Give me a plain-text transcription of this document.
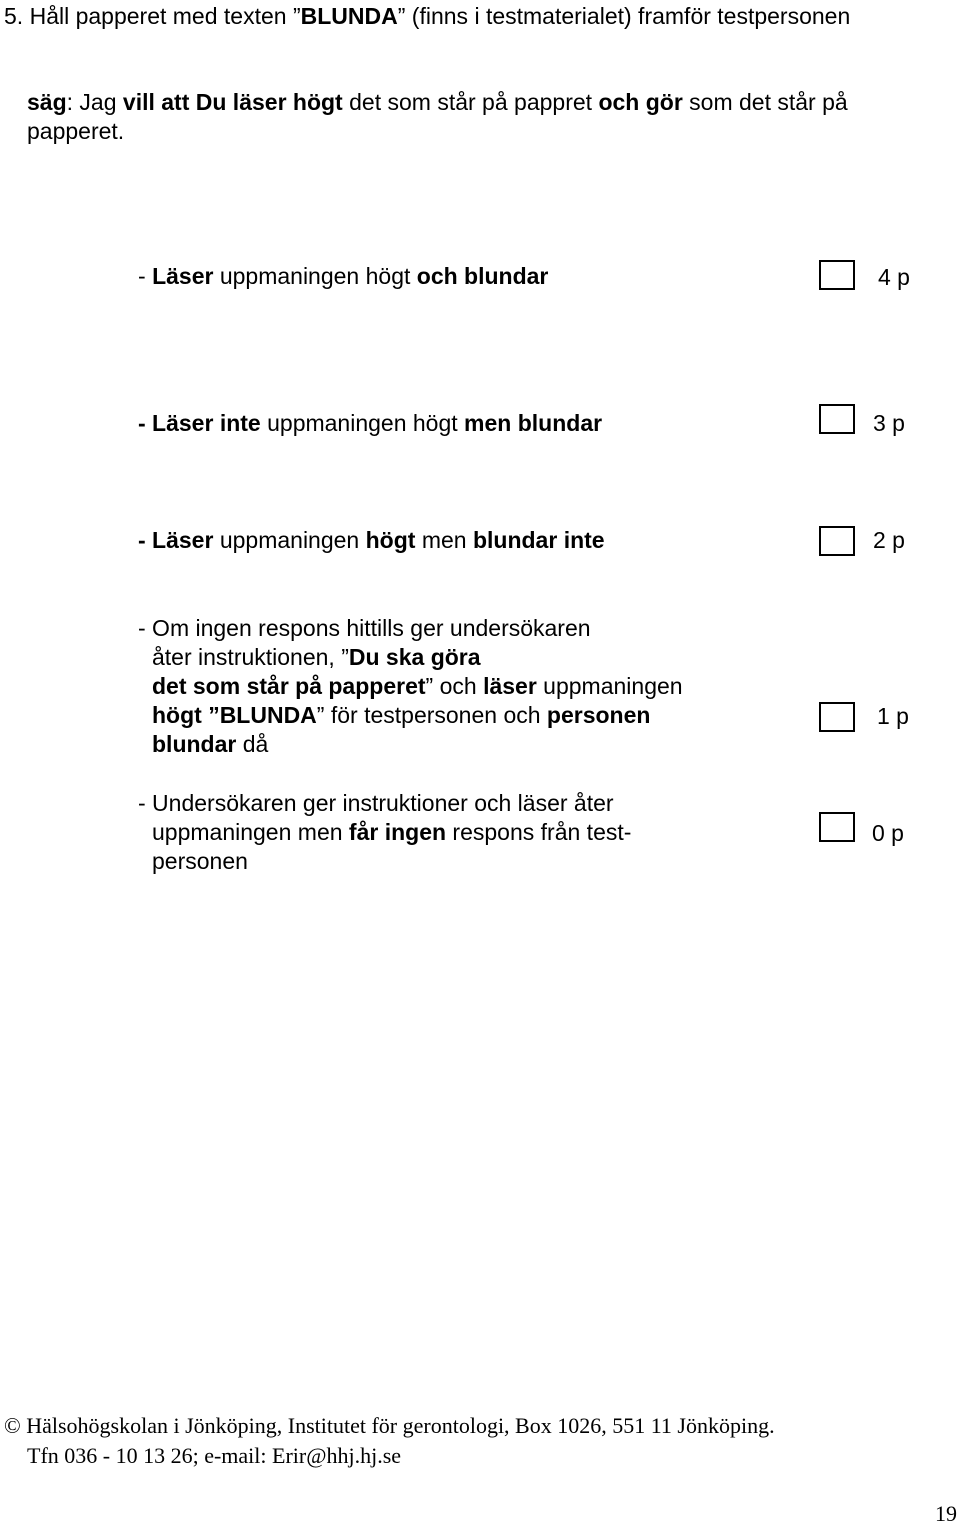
5. Håll papperet med texten ”BLUNDA” (finns i testmaterialet) framför testpersonen
säg: Jag vill att Du läser högt det som står på pappret och gör som det står på
papperet.
- Läser uppmaningen högt och blundar	4 p
- Läser inte uppmaningen högt men blundar	3 p
- Läser uppmaningen högt men blundar inte	2 p
- Om ingen respons hittills ger undersökaren
åter instruktionen, ”Du ska göra
det som står på papperet” och läser uppmaningen
högt ”BLUNDA” för testpersonen och personen
blundar då
1 p
- Undersökaren ger instruktioner och läser åter
uppmaningen men får ingen respons från test-
personen
0 p
© Hälsohögskolan i Jönköping, Institutet för gerontologi, Box 1026, 551 11 Jönköping.
Tfn 036 - 10 13 26; e-mail: Erir@hhj.hj.se
19
